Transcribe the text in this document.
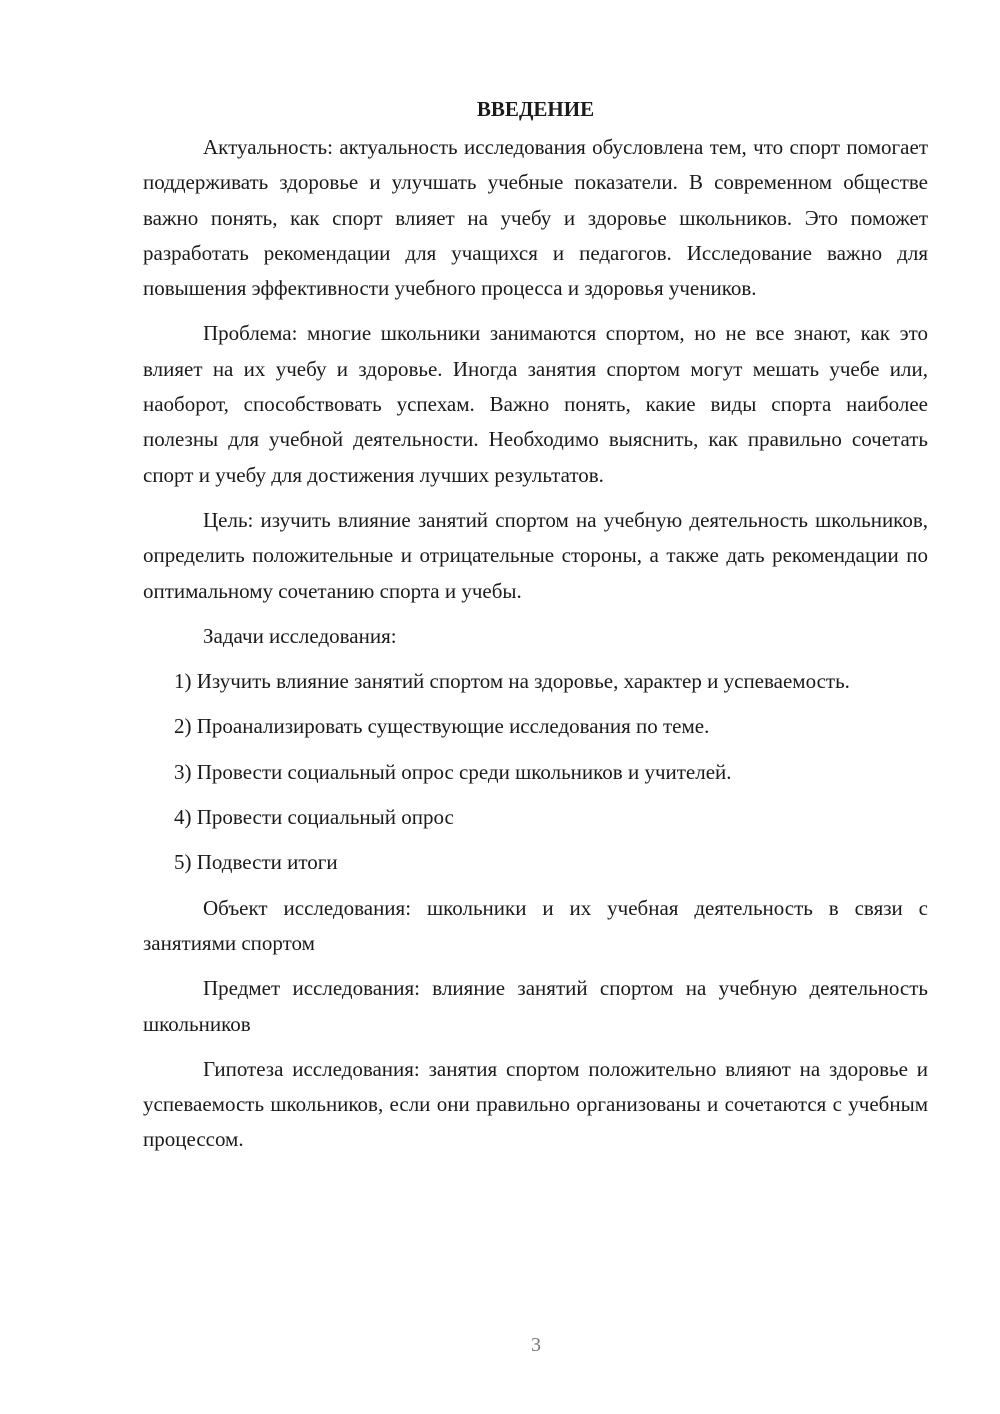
ВВЕДЕНИЕ

Актуальность: актуальность исследования обусловлена тем, что спорт помогает поддерживать здоровье и улучшать учебные показатели. В современном обществе важно понять, как спорт влияет на учебу и здоровье школьников. Это поможет разработать рекомендации для учащихся и педагогов. Исследование важно для повышения эффективности учебного процесса и здоровья учеников.

Проблема: многие школьники занимаются спортом, но не все знают, как это влияет на их учебу и здоровье. Иногда занятия спортом могут мешать учебе или, наоборот, способствовать успехам. Важно понять, какие виды спорта наиболее полезны для учебной деятельности. Необходимо выяснить, как правильно сочетать спорт и учебу для достижения лучших результатов.

Цель: изучить влияние занятий спортом на учебную деятельность школьников, определить положительные и отрицательные стороны, а также дать рекомендации по оптимальному сочетанию спорта и учебы.

Задачи исследования:

1) Изучить влияние занятий спортом на здоровье, характер и успеваемость.

2) Проанализировать существующие исследования по теме.

3) Провести социальный опрос среди школьников и учителей.

4) Провести социальный опрос

5) Подвести итоги

Объект исследования: школьники и их учебная деятельность в связи с занятиями спортом

Предмет исследования: влияние занятий спортом на учебную деятельность школьников

Гипотеза исследования: занятия спортом положительно влияют на здоровье и успеваемость школьников, если они правильно организованы и сочетаются с учебным процессом.

3
